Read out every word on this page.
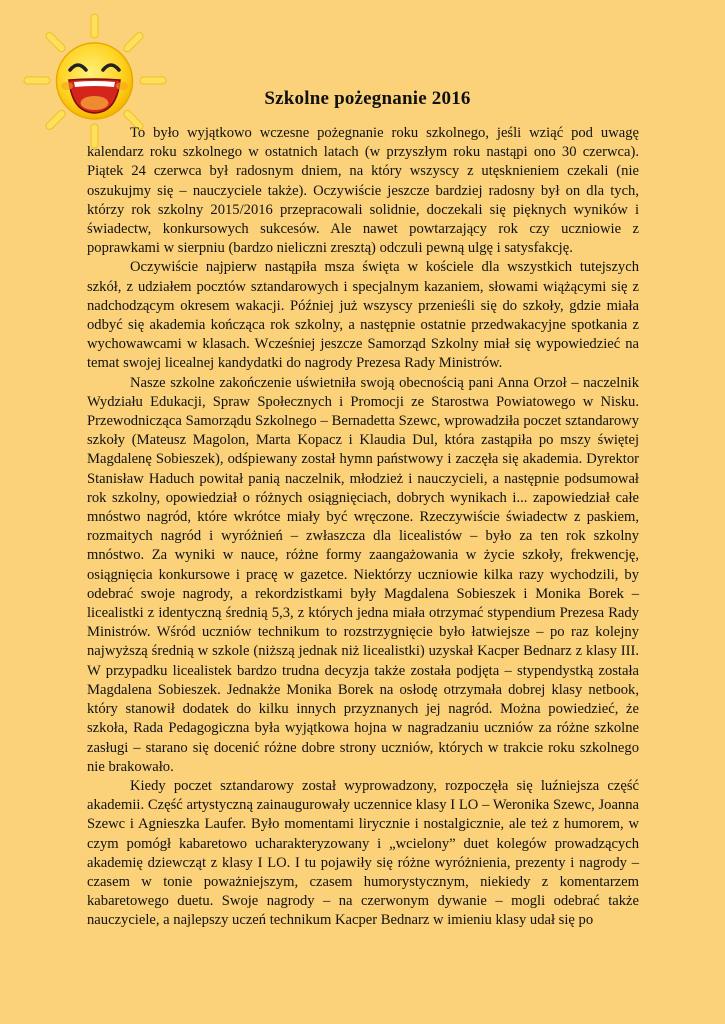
Szkolne pożegnanie 2016

To było wyjątkowo wczesne pożegnanie roku szkolnego, jeśli wziąć pod uwagę kalendarz roku szkolnego w ostatnich latach (w przyszłym roku nastąpi ono 30 czerwca). Piątek 24 czerwca był radosnym dniem, na który wszyscy z utęsknieniem czekali (nie oszukujmy się – nauczyciele także). Oczywiście jeszcze bardziej radosny był on dla tych, którzy rok szkolny 2015/2016 przepracowali solidnie, doczekali się pięknych wyników i świadectw, konkursowych sukcesów. Ale nawet powtarzający rok czy uczniowie z poprawkami w sierpniu (bardzo nieliczni zresztą) odczuli pewną ulgę i satysfakcję.

Oczywiście najpierw nastąpiła msza święta w kościele dla wszystkich tutejszych szkół, z udziałem pocztów sztandarowych i specjalnym kazaniem, słowami wiążącymi się z nadchodzącym okresem wakacji. Później już wszyscy przenieśli się do szkoły, gdzie miała odbyć się akademia kończąca rok szkolny, a następnie ostatnie przedwakacyjne spotkania z wychowawcami w klasach. Wcześniej jeszcze Samorząd Szkolny miał się wypowiedzieć na temat swojej licealnej kandydatki do nagrody Prezesa Rady Ministrów.

Nasze szkolne zakończenie uświetniła swoją obecnością pani Anna Orzoł – naczelnik Wydziału Edukacji, Spraw Społecznych i Promocji ze Starostwa Powiatowego w Nisku. Przewodnicząca Samorządu Szkolnego – Bernadetta Szewc, wprowadziła poczet sztandarowy szkoły (Mateusz Magolon, Marta Kopacz i Klaudia Dul, która zastąpiła po mszy świętej Magdalenę Sobieszek), odśpiewany został hymn państwowy i zaczęła się akademia. Dyrektor Stanisław Haduch powitał panią naczelnik, młodzież i nauczycieli, a następnie podsumował rok szkolny, opowiedział o różnych osiągnięciach, dobrych wynikach i... zapowiedział całe mnóstwo nagród, które wkrótce miały być wręczone. Rzeczywiście świadectw z paskiem, rozmaitych nagród i wyróżnień – zwłaszcza dla licealistów – było za ten rok szkolny mnóstwo. Za wyniki w nauce, różne formy zaangażowania w życie szkoły, frekwencję, osiągnięcia konkursowe i pracę w gazetce. Niektórzy uczniowie kilka razy wychodzili, by odebrać swoje nagrody, a rekordzistkami były Magdalena Sobieszek i Monika Borek – licealistki z identyczną średnią 5,3, z których jedna miała otrzymać stypendium Prezesa Rady Ministrów. Wśród uczniów technikum to rozstrzygnięcie było łatwiejsze – po raz kolejny najwyższą średnią w szkole (niższą jednak niż licealistki) uzyskał Kacper Bednarz z klasy III. W przypadku licealistek bardzo trudna decyzja także została podjęta – stypendystką została Magdalena Sobieszek. Jednakże Monika Borek na osłodę otrzymała dobrej klasy netbook, który stanowił dodatek do kilku innych przyznanych jej nagród. Można powiedzieć, że szkoła, Rada Pedagogiczna była wyjątkowa hojna w nagradzaniu uczniów za różne szkolne zasługi – starano się docenić różne dobre strony uczniów, których w trakcie roku szkolnego nie brakowało.

Kiedy poczet sztandarowy został wyprowadzony, rozpoczęła się luźniejsza część akademii. Część artystyczną zainaugurowały uczennice klasy I LO – Weronika Szewc, Joanna Szewc i Agnieszka Laufer. Było momentami lirycznie i nostalgicznie, ale też z humorem, w czym pomógł kabaretowo ucharakteryzowany i „wcielony” duet kolegów prowadzących akademię dziewcząt z klasy I LO. I tu pojawiły się różne wyróżnienia, prezenty i nagrody – czasem w tonie poważniejszym, czasem humorystycznym, niekiedy z komentarzem kabaretowego duetu. Swoje nagrody – na czerwonym dywanie – mogli odebrać także nauczyciele, a najlepszy uczeń technikum Kacper Bednarz w imieniu klasy udał się po
